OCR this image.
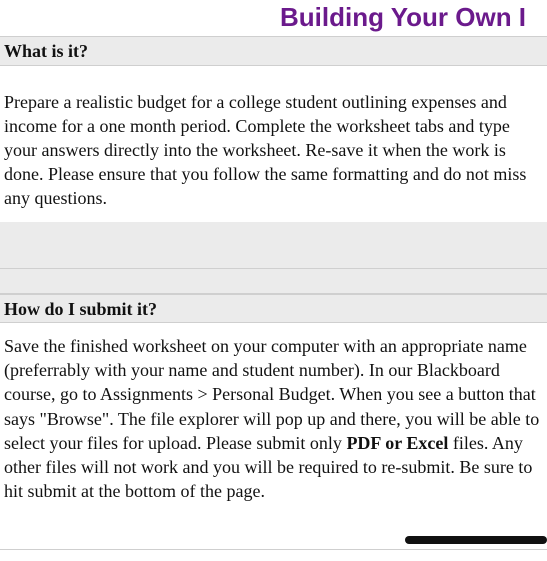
Building Your Own I
What is it?
Prepare a realistic budget for a college student outlining expenses and income for a one month period. Complete the worksheet tabs and type your answers directly into the worksheet. Re-save it when the work is done. Please ensure that you follow the same formatting and do not miss any questions.
How do I submit it?
Save the finished worksheet on your computer with an appropriate name (preferrably with your name and student number). In our Blackboard course, go to Assignments > Personal Budget. When you see a button that says "Browse". The file explorer will pop up and there, you will be able to select your files for upload. Please submit only PDF or Excel files. Any other files will not work and you will be required to re-submit. Be sure to hit submit at the bottom of the page.
